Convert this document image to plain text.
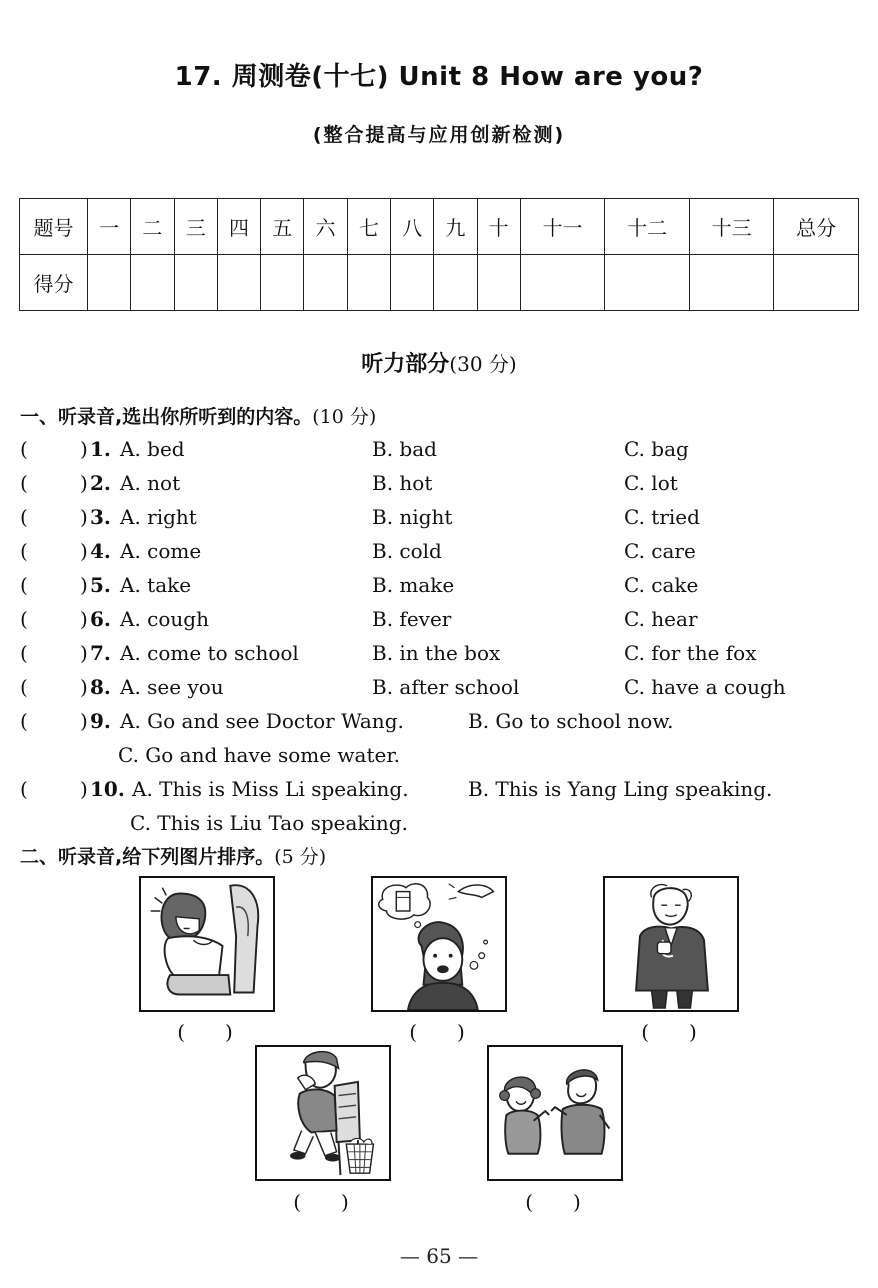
17. 周测卷(十七) Unit 8 How are you?
(整合提高与应用创新检测)
题号	一	二	三	四	五	六	七	八	九	十	十一	十二	十三	总分
得分														
听力部分(30 分)
一、听录音,选出你所听到的内容。(10 分)
(	) 1. A. bed	B. bad	C. bag
(	) 2. A. not	B. hot	C. lot
(	) 3. A. right	B. night	C. tried
(	) 4. A. come	B. cold	C. care
(	) 5. A. take	B. make	C. cake
(	) 6. A. cough	B. fever	C. hear
(	) 7. A. come to school	B. in the box	C. for the fox
(	) 8. A. see you	B. after school	C. have a cough
(	) 9. A. Go and see Doctor Wang.	B. Go to school now.
C. Go and have some water.
(	) 10. A. This is Miss Li speaking.	B. This is Yang Ling speaking.
C. This is Liu Tao speaking.
二、听录音,给下列图片排序。(5 分)
(　　)	(　　)	(　　)
(　　)	(　　)
— 65 —
